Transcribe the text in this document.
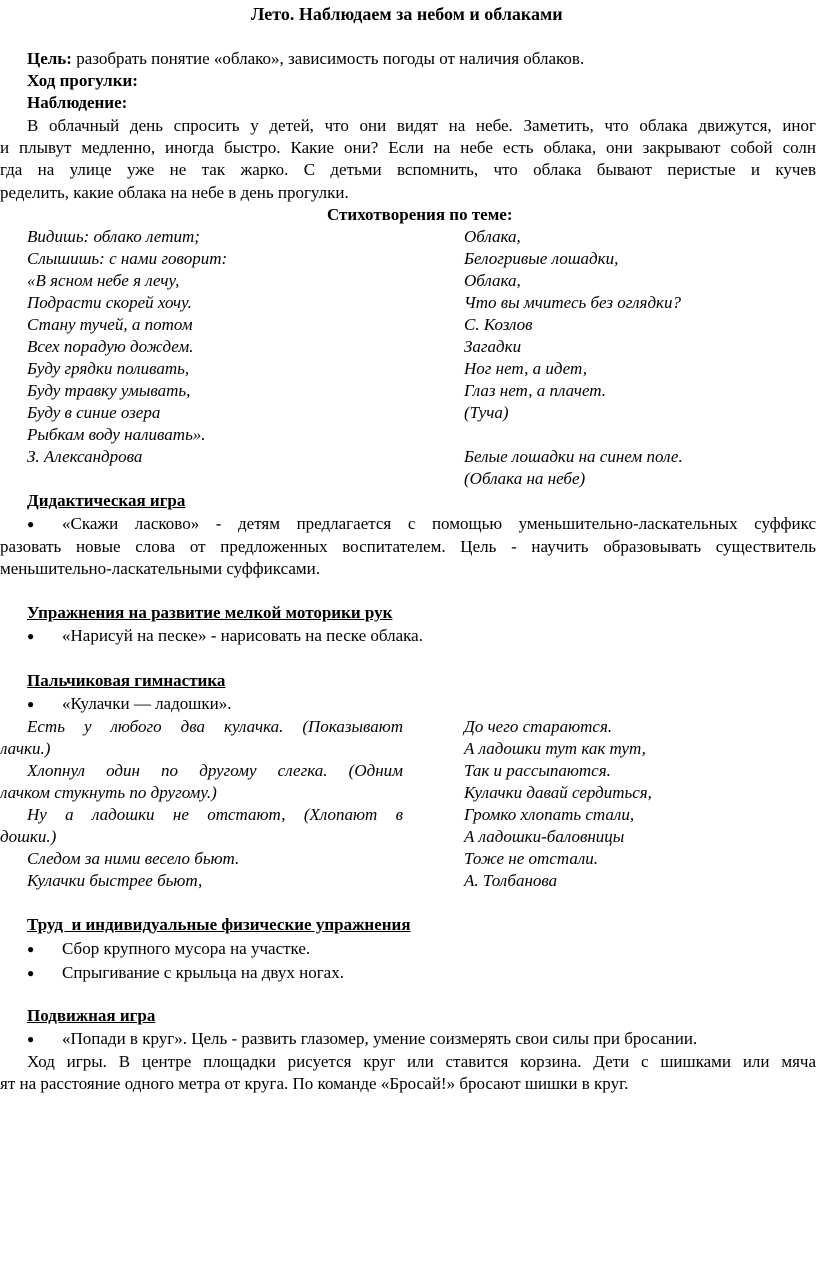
Лето. Наблюдаем за небом и облаками
Цель: разобрать понятие «облако», зависимость погоды от наличия облаков.
Ход прогулки:
Наблюдение:
В облачный день спросить у детей, что они видят на небе. Заметить, что облака движутся, иног
и плывут медленно, иногда быстро. Какие они? Если на небе есть облака, они закрывают собой солн
гда на улице уже не так жарко. С детьми вспомнить, что облака бывают перистые и кучев
ределить, какие облака на небе в день прогулки.
Стихотворения по теме:
Видишь: облако летит;
Слышишь: с нами говорит:
«В ясном небе я лечу,
Подрасти скорей хочу.
Стану тучей, а потом
Всех порадую дождем.
Буду грядки поливать,
Буду травку умывать,
Буду в синие озера
Рыбкам воду наливать».
З. Александрова
Облака,
Белогривые лошадки,
Облака,
Что вы мчитесь без оглядки?
С. Козлов
Загадки
Ног нет, а идет,
Глаз нет, а плачет.
(Туча)
Белые лошадки на синем поле.
(Облака на небе)
Дидактическая игра
● «Скажи ласково» - детям предлагается с помощью уменьшительно-ласкательных суффикс
разовать новые слова от предложенных воспитателем. Цель - научить образовывать существитель
меньшительно-ласкательными суффиксами.
Упражнения на развитие мелкой моторики рук
● «Нарисуй на песке» - нарисовать на песке облака.
Пальчиковая гимнастика
● «Кулачки — ладошки».
Есть у любого два кулачка. (Показывают
лачки.)
Хлопнул один по другому слегка. (Одним
лачком стукнуть по другому.)
Ну а ладошки не отстают, (Хлопают в
дошки.)
Следом за ними весело бьют.
Кулачки быстрее бьют,
До чего стараются.
А ладошки тут как тут,
Так и рассыпаются.
Кулачки давай сердиться,
Громко хлопать стали,
А ладошки-баловницы
Тоже не отстали.
А. Толбанова
Труд  и индивидуальные физические упражнения
● Сбор крупного мусора на участке.
● Спрыгивание с крыльца на двух ногах.
Подвижная игра
● «Попади в круг». Цель - развить глазомер, умение соизмерять свои силы при бросании.
Ход игры. В центре площадки рисуется круг или ставится корзина. Дети с шишками или мяча
ят на расстояние одного метра от круга. По команде «Бросай!» бросают шишки в круг.
